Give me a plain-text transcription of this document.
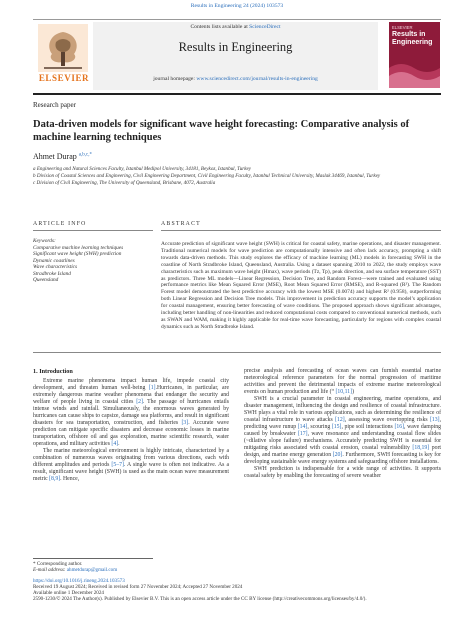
Results in Engineering 24 (2024) 103573
ELSEVIER
Contents lists available at ScienceDirect
Results in Engineering
journal homepage: www.sciencedirect.com/journal/results-in-engineering
ELSEVIER
Results in Engineering
Research paper
Data-driven models for significant wave height forecasting: Comparative analysis of machine learning techniques
Ahmet Durap $^{a,b,c,*}$
a Engineering and Natural Sciences Faculty, Istanbul Medipol University, 34181, Beykoz, Istanbul, Turkey
b Division of Coastal Sciences and Engineering, Civil Engineering Department, Civil Engineering Faculty, Istanbul Technical University, Maslak 34469, Istanbul, Turkey
c Division of Civil Engineering, The University of Queensland, Brisbane, 4072, Australia
ARTICLE INFO	ABSTRACT
Keywords:
Comparative machine learning techniques
Significant wave height (SWH) prediction
Dynamic coastlines
Wave characteristics
Stradbroke Island
Queensland
Accurate prediction of significant wave height (SWH) is critical for coastal safety, marine operations, and disaster management. Traditional numerical models for wave prediction are computationally intensive and often lack accuracy, prompting a shift towards data-driven methods. This study explores the efficacy of machine learning (ML) models in forecasting SWH in the coastline of North Stradbroke Island, Queensland, Australia. Using a dataset spanning 2010 to 2022, the study employs wave characteristics such as maximum wave height (Hmax), wave periods (Tz, Tp), peak direction, and sea surface temperature (SST) as predictors. Three ML models—Linear Regression, Decision Tree, and Random Forest—were trained and evaluated using performance metrics like Mean Squared Error (MSE), Root Mean Squared Error (RMSE), and R-squared (R²). The Random Forest model demonstrated the best predictive accuracy with the lowest MSE (0.0074) and highest R² (0.958), outperforming both Linear Regression and Decision Tree models. This improvement in prediction accuracy supports the model’s application for coastal management, ensuring better forecasting of wave conditions. The proposed approach shows significant advantages, including better handling of non-linearities and reduced computational costs compared to conventional numerical methods, such as SWAN and WAM, making it highly applicable for real-time wave forecasting, particularly for regions with complex coastal dynamics such as North Stradbroke Island.
1. Introduction

Extreme marine phenomena impact human life, impede coastal city development, and threaten human well-being [1].Hurricanes, in particular, are extremely dangerous marine weather phenomena that endanger the security and welfare of people living in coastal cities [2]. The passage of hurricanes entails intense winds and rainfall. Simultaneously, the enormous waves generated by hurricanes can cause ships to capsize, damage sea platforms, and result in significant disasters for sea transportation, construction, and fisheries [3]. Accurate wave prediction can mitigate specific disasters and decrease economic losses in marine transportation, offshore oil and gas exploration, marine scientific research, water operations, and military activities [4].

The marine meteorological environment is highly intricate, characterized by a combination of numerous waves originating from various directions, each with different amplitudes and periods [5–7]. A single wave is often not indicative. As a result, significant wave height (SWH) is used as the main ocean wave measurement metric [8,9]. Hence,

precise analysis and forecasting of ocean waves can furnish essential marine meteorological reference parameters for the normal progression of maritime activities and prevent the detrimental impacts of extreme marine meteorological events on human production and life (“ [10,11])

SWH is a crucial parameter in coastal engineering, marine operations, and disaster management, influencing the design and resilience of coastal infrastructure. SWH plays a vital role in various applications, such as determining the resilience of coastal infrastructure to wave attacks [12], assessing wave overtopping risks [13], predicting wave runup [14], scouring [15], pipe soil interactions [16], wave damping caused by breakwater [17], wave resonance and understanding coastal flow slides (~dilative slope failure) mechanisms. Accurately predicting SWH is essential for mitigating risks associated with coastal erosion, coastal vulnerability [18,19] port design, and marine energy generation [20]. Furthermore, SWH forecasting is key for developing sustainable wave energy systems and safeguarding offshore installations.

SWH prediction is indispensable for a wide range of activities. It supports coastal safety by enabling the forecasting of severe weather

* Corresponding author.
E-mail address: ahmetdurap@gmail.com
https://doi.org/10.1016/j.rineng.2024.103573
Received 19 August 2024; Received in revised form 27 November 2024; Accepted 27 November 2024
Available online 1 December 2024
2590-1230/© 2024 The Author(s). Published by Elsevier B.V. This is an open access article under the CC BY license (http://creativecommons.org/licenses/by/4.0/).
